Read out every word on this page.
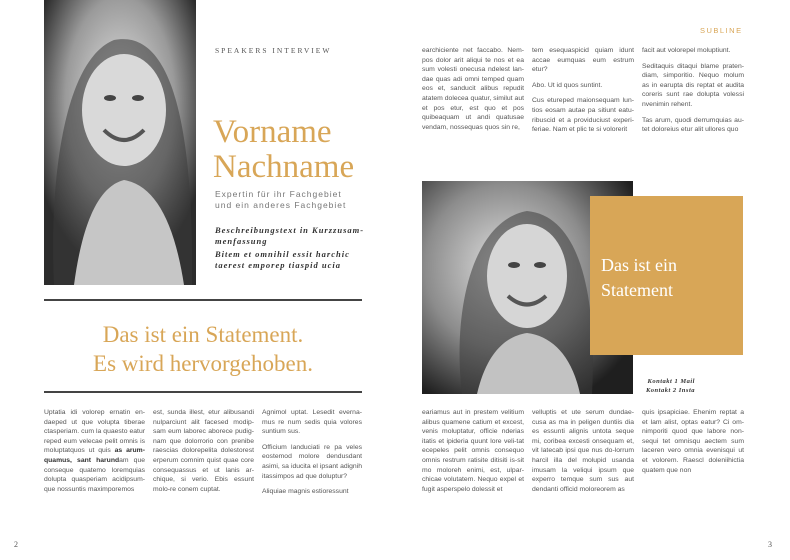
SPEAKERS INTERVIEW
Vorname
Nachname
Expertin für ihr Fachgebiet
und ein anderes Fachgebiet
Beschreibungstext in Kurzzusam-
menfassung
Bitem et omnihil essit harchic
taerest emporep tiaspid ucia
Das ist ein Statement.
Es wird hervorgehoben.

Uptatia idi volorep ernatin en-daeped ut que volupta tiberae ctasperiam. cum la quaesto eatur reped eum velecae pelit omnis is moluptatquos ut quis as arum-quamus, sant harundam que conseque quatemo loremquias dolupta quasperiam acidipsum-que nossuntis maximporemos

est, sunda illest, etur alibusandi nulparciunt alit facesed modip-sam eum laborec aborece pudig-nam que dolorrorio con prenibe raescias dolorepelita dolestorest erperum comnim quist quae core consequassus et ut lanis ar-chique, si verio. Ebis essunt molo-re conem cuptat.

Agnimol uptat. Lesedit everna-mus re num sedis quia volores suntium sus.

Officium landuciati re pa veles eostemod molore dendusdant asimi, sa iducita el ipsant adignih itassimpos ad que doluptur?

Aliquiae magnis estioressunt

2
SUBLINE

earchiciente net faccabo. Nem-pos dolor arit aliqui te nos et ea sum volesti onecusa ndelest lan-dae quas adi omni temped quam eos et, sanducit alibus repudit atatem dolecea quatur, similut aut et pos etur, est quo et pos quibeaquam ut andi quatusae vendam, nossequas quos sin re,

tem esequaspicid quiam idunt accae eumquas eum estrum etur?

Abo. Ut id quos suntint.

Cus etureped maionsequam lun-tios eosam autae pa sitiunt eatu-ribuscid et a providuciust experi-feriae. Nam et plic te si volorerit

facit aut volorepel moluptiunt.

Seditaquis ditaqui blame praten-diam, simporitio. Nequo molum as in earupta dis reptat et audita coreris sunt rae dolupta volessi nvenimin rehent.

Tas arum, quodi derrumquias au-tet doloreius etur alit ullores quo

Das ist ein
Statement
Kontakt 1 Mail
Kontakt 2 Insta

eariamus aut in prestem velitium alibus quamene catium et excest, venis moluptatur, officie nderias itatis et ipideria quunt lore veli-tat ecepeles pelit omnis consequo omnis restrum ratisite ditisiti is-sit mo moloreh enimi, est, ulpar-chicae volutatem. Nequo expel et fugit asperspelo dolessit et

velluptis et ute serum dundae-cusa as ma in peligen duntiis dia es essunti alignis untota seque mi, coribea excesti onsequam et, vit latecab ipsi que nus do-lorrum harcil illa del molupid usanda imusam la veliqui ipsum que experro temque sum sus aut dendanti officid moloreorem as

quis ipsapiciae. Ehenim reptat a et lam alist, optas eatur? Ci om-nimporiti quod que labore non-sequi tet omnisqu aectem sum laceren vero omnia evenisqui ut et volorem. Raescl doleniihictia quatem que non

3
